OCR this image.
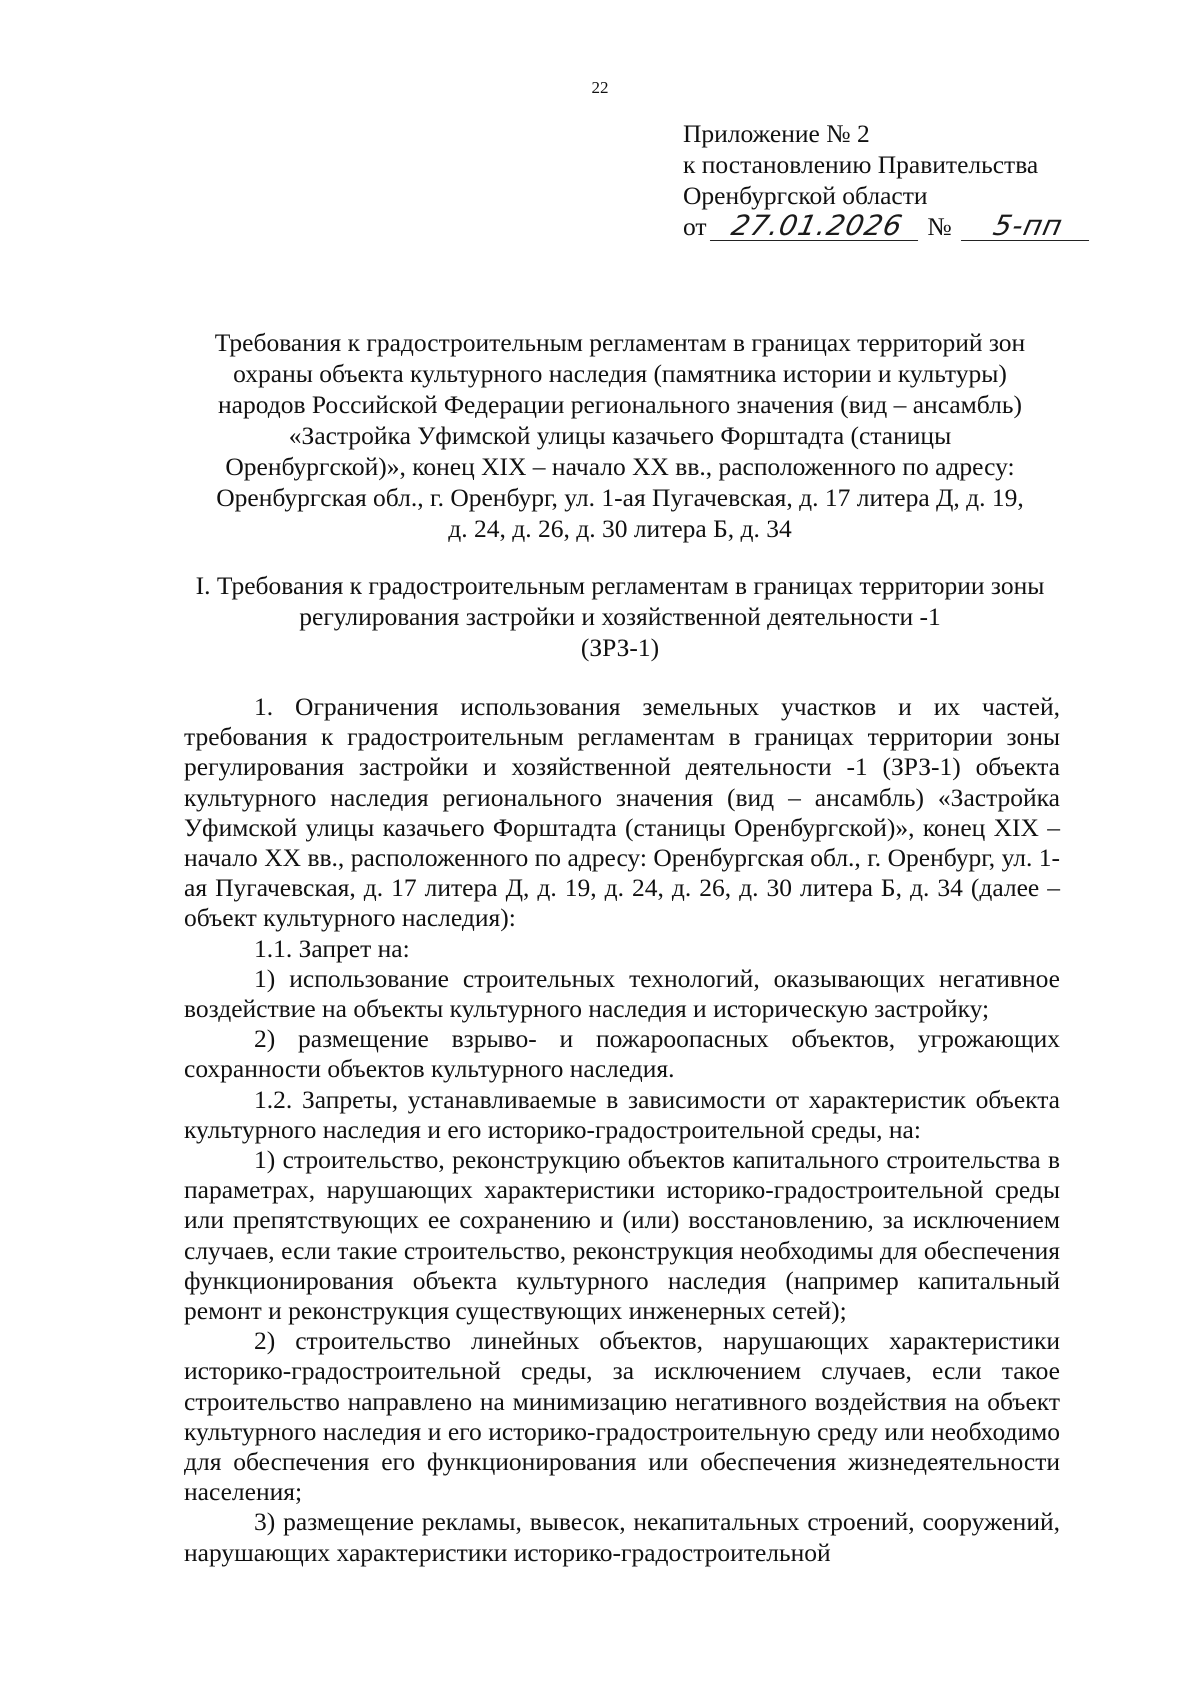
22
Приложение № 2
к постановлению Правительства
Оренбургской области
от 27.01.2026 № 5-пп
Требования к градостроительным регламентам в границах территорий зон
охраны объекта культурного наследия (памятника истории и культуры)
народов Российской Федерации регионального значения (вид – ансамбль)
«Застройка Уфимской улицы казачьего Форштадта (станицы
Оренбургской)», конец XIX – начало XX вв., расположенного по адресу:
Оренбургская обл., г. Оренбург, ул. 1-ая Пугачевская, д. 17 литера Д, д. 19,
д. 24, д. 26, д. 30 литера Б, д. 34
I. Требования к градостроительным регламентам в границах территории зоны
регулирования застройки и хозяйственной деятельности -1
(ЗРЗ-1)

1. Ограничения использования земельных участков и их частей, требования к градостроительным регламентам в границах территории зоны регулирования застройки и хозяйственной деятельности -1 (ЗРЗ-1) объекта культурного наследия регионального значения (вид – ансамбль) «Застройка Уфимской улицы казачьего Форштадта (станицы Оренбургской)», конец XIX – начало XX вв., расположенного по адресу: Оренбургская обл., г. Оренбург, ул. 1-ая Пугачевская, д. 17 литера Д, д. 19, д. 24, д. 26, д. 30 литера Б, д. 34 (далее – объект культурного наследия):

1.1. Запрет на:

1) использование строительных технологий, оказывающих негативное воздействие на объекты культурного наследия и историческую застройку;

2) размещение взрыво- и пожароопасных объектов, угрожающих сохранности объектов культурного наследия.

1.2. Запреты, устанавливаемые в зависимости от характеристик объекта культурного наследия и его историко-градостроительной среды, на:

1) строительство, реконструкцию объектов капитального строительства в параметрах, нарушающих характеристики историко-градостроительной среды или препятствующих ее сохранению и (или) восстановлению, за исключением случаев, если такие строительство, реконструкция необходимы для обеспечения функционирования объекта культурного наследия (например капитальный ремонт и реконструкция существующих инженерных сетей);

2) строительство линейных объектов, нарушающих характеристики историко-градостроительной среды, за исключением случаев, если такое строительство направлено на минимизацию негативного воздействия на объект культурного наследия и его историко-градостроительную среду или необходимо для обеспечения его функционирования или обеспечения жизнедеятельности населения;

3) размещение рекламы, вывесок, некапитальных строений, сооружений, нарушающих характеристики историко-градостроительной
